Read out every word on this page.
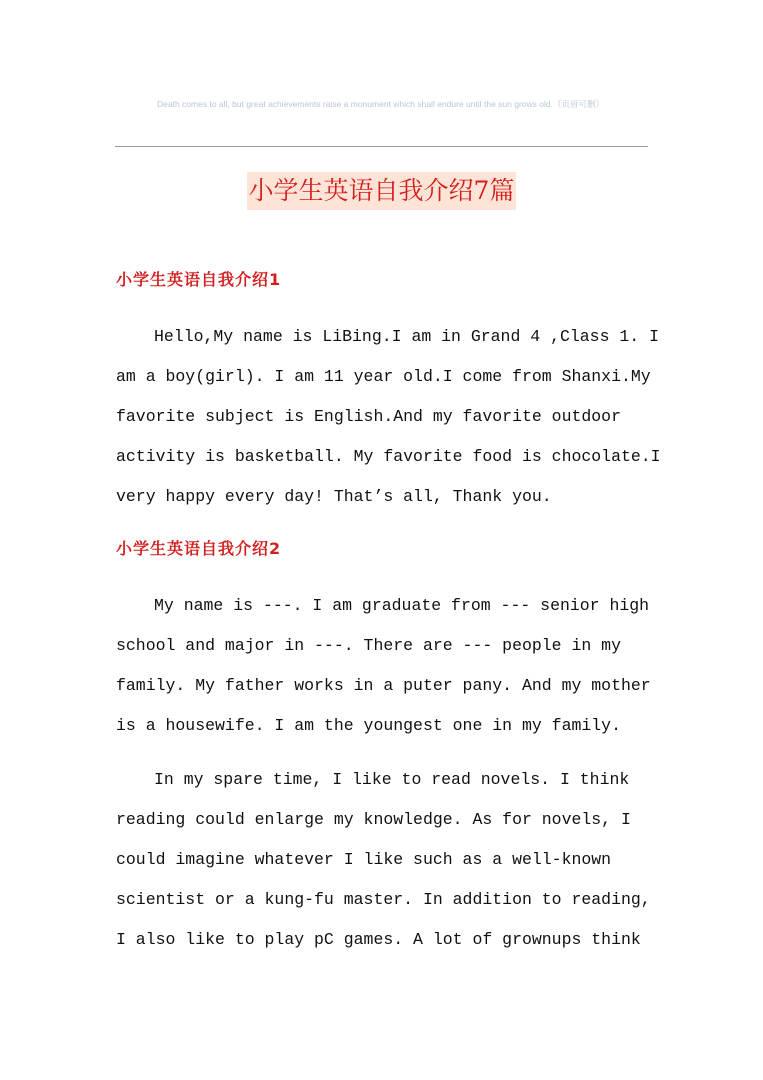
Death comes to all, but great achievements raise a monument which shall endure until the sun grows old.（页眉可删）
小学生英语自我介绍7篇
小学生英语自我介绍1
Hello,My name is LiBing.I am in Grand 4 ,Class 1. I
am a boy(girl). I am 11 year old.I come from Shanxi.My
favorite subject is English.And my favorite outdoor
activity is basketball. My favorite food is chocolate.I
very happy every day! That’s all, Thank you.
小学生英语自我介绍2
My name is ---. I am graduate from --- senior high
school and major in ---. There are --- people in my
family. My father works in a puter pany. And my mother
is a housewife. I am the youngest one in my family.
In my spare time, I like to read novels. I think
reading could enlarge my knowledge. As for novels, I
could imagine whatever I like such as a well-known
scientist or a kung-fu master. In addition to reading,
I also like to play pC games. A lot of grownups think
